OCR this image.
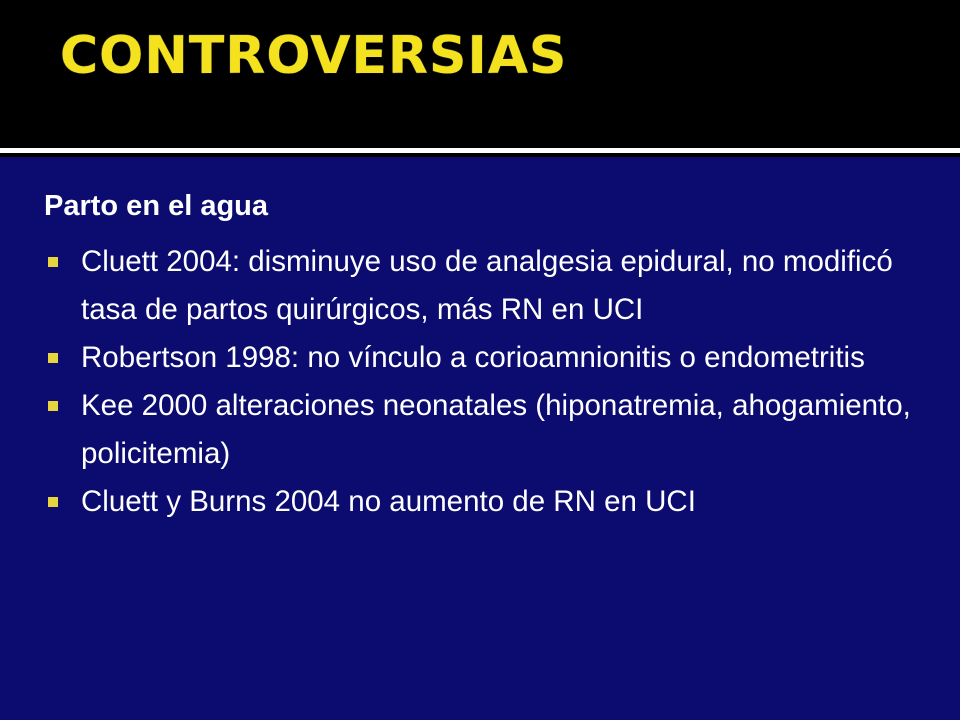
CONTROVERSIAS
Parto en el agua
Cluett 2004: disminuye uso de analgesia epidural, no modificó tasa de partos quirúrgicos, más RN en UCI
Robertson 1998: no vínculo a corioamnionitis o endometritis
Kee 2000 alteraciones neonatales (hiponatremia, ahogamiento, policitemia)
Cluett y Burns 2004 no aumento de RN en UCI
